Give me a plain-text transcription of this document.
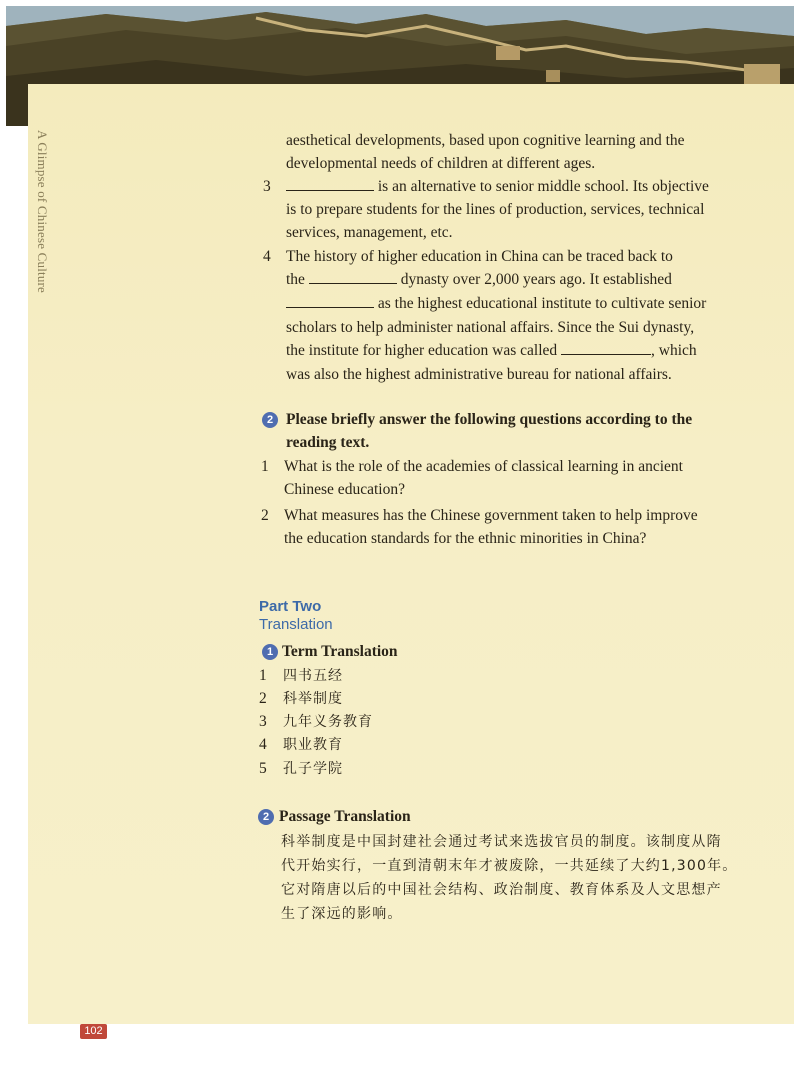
A Glimpse of Chinese Culture	aesthetical developments, based upon cognitive learning and the
developmental needs of children at different ages.
3	is an alternative to senior middle school. Its objective
is to prepare students for the lines of production, services, technical
services, management, etc.
4 The history of higher education in China can be traced back to
the	dynasty over 2,000 years ago. It established
as the highest educational institute to cultivate senior
scholars to help administer national affairs. Since the Sui dynasty,
the institute for higher education was called	, which
was also the highest administrative bureau for national affairs.
2 Please briefly answer the following questions according to the
reading text.
1 What is the role of the academies of classical learning in ancient
Chinese education?
2 What measures has the Chinese government taken to help improve
the education standards for the ethnic minorities in China?
Part Two
Translation
1 Term Translation
1 四书五经
2 科举制度
3 九年义务教育
4 职业教育
5 孔子学院
2 Passage Translation
科举制度是中国封建社会通过考试来选拔官员的制度。该制度从隋
代开始实行，一直到清朝末年才被废除，一共延续了大约1,300年。
它对隋唐以后的中国社会结构、政治制度、教育体系及人文思想产
生了深远的影响。
102
